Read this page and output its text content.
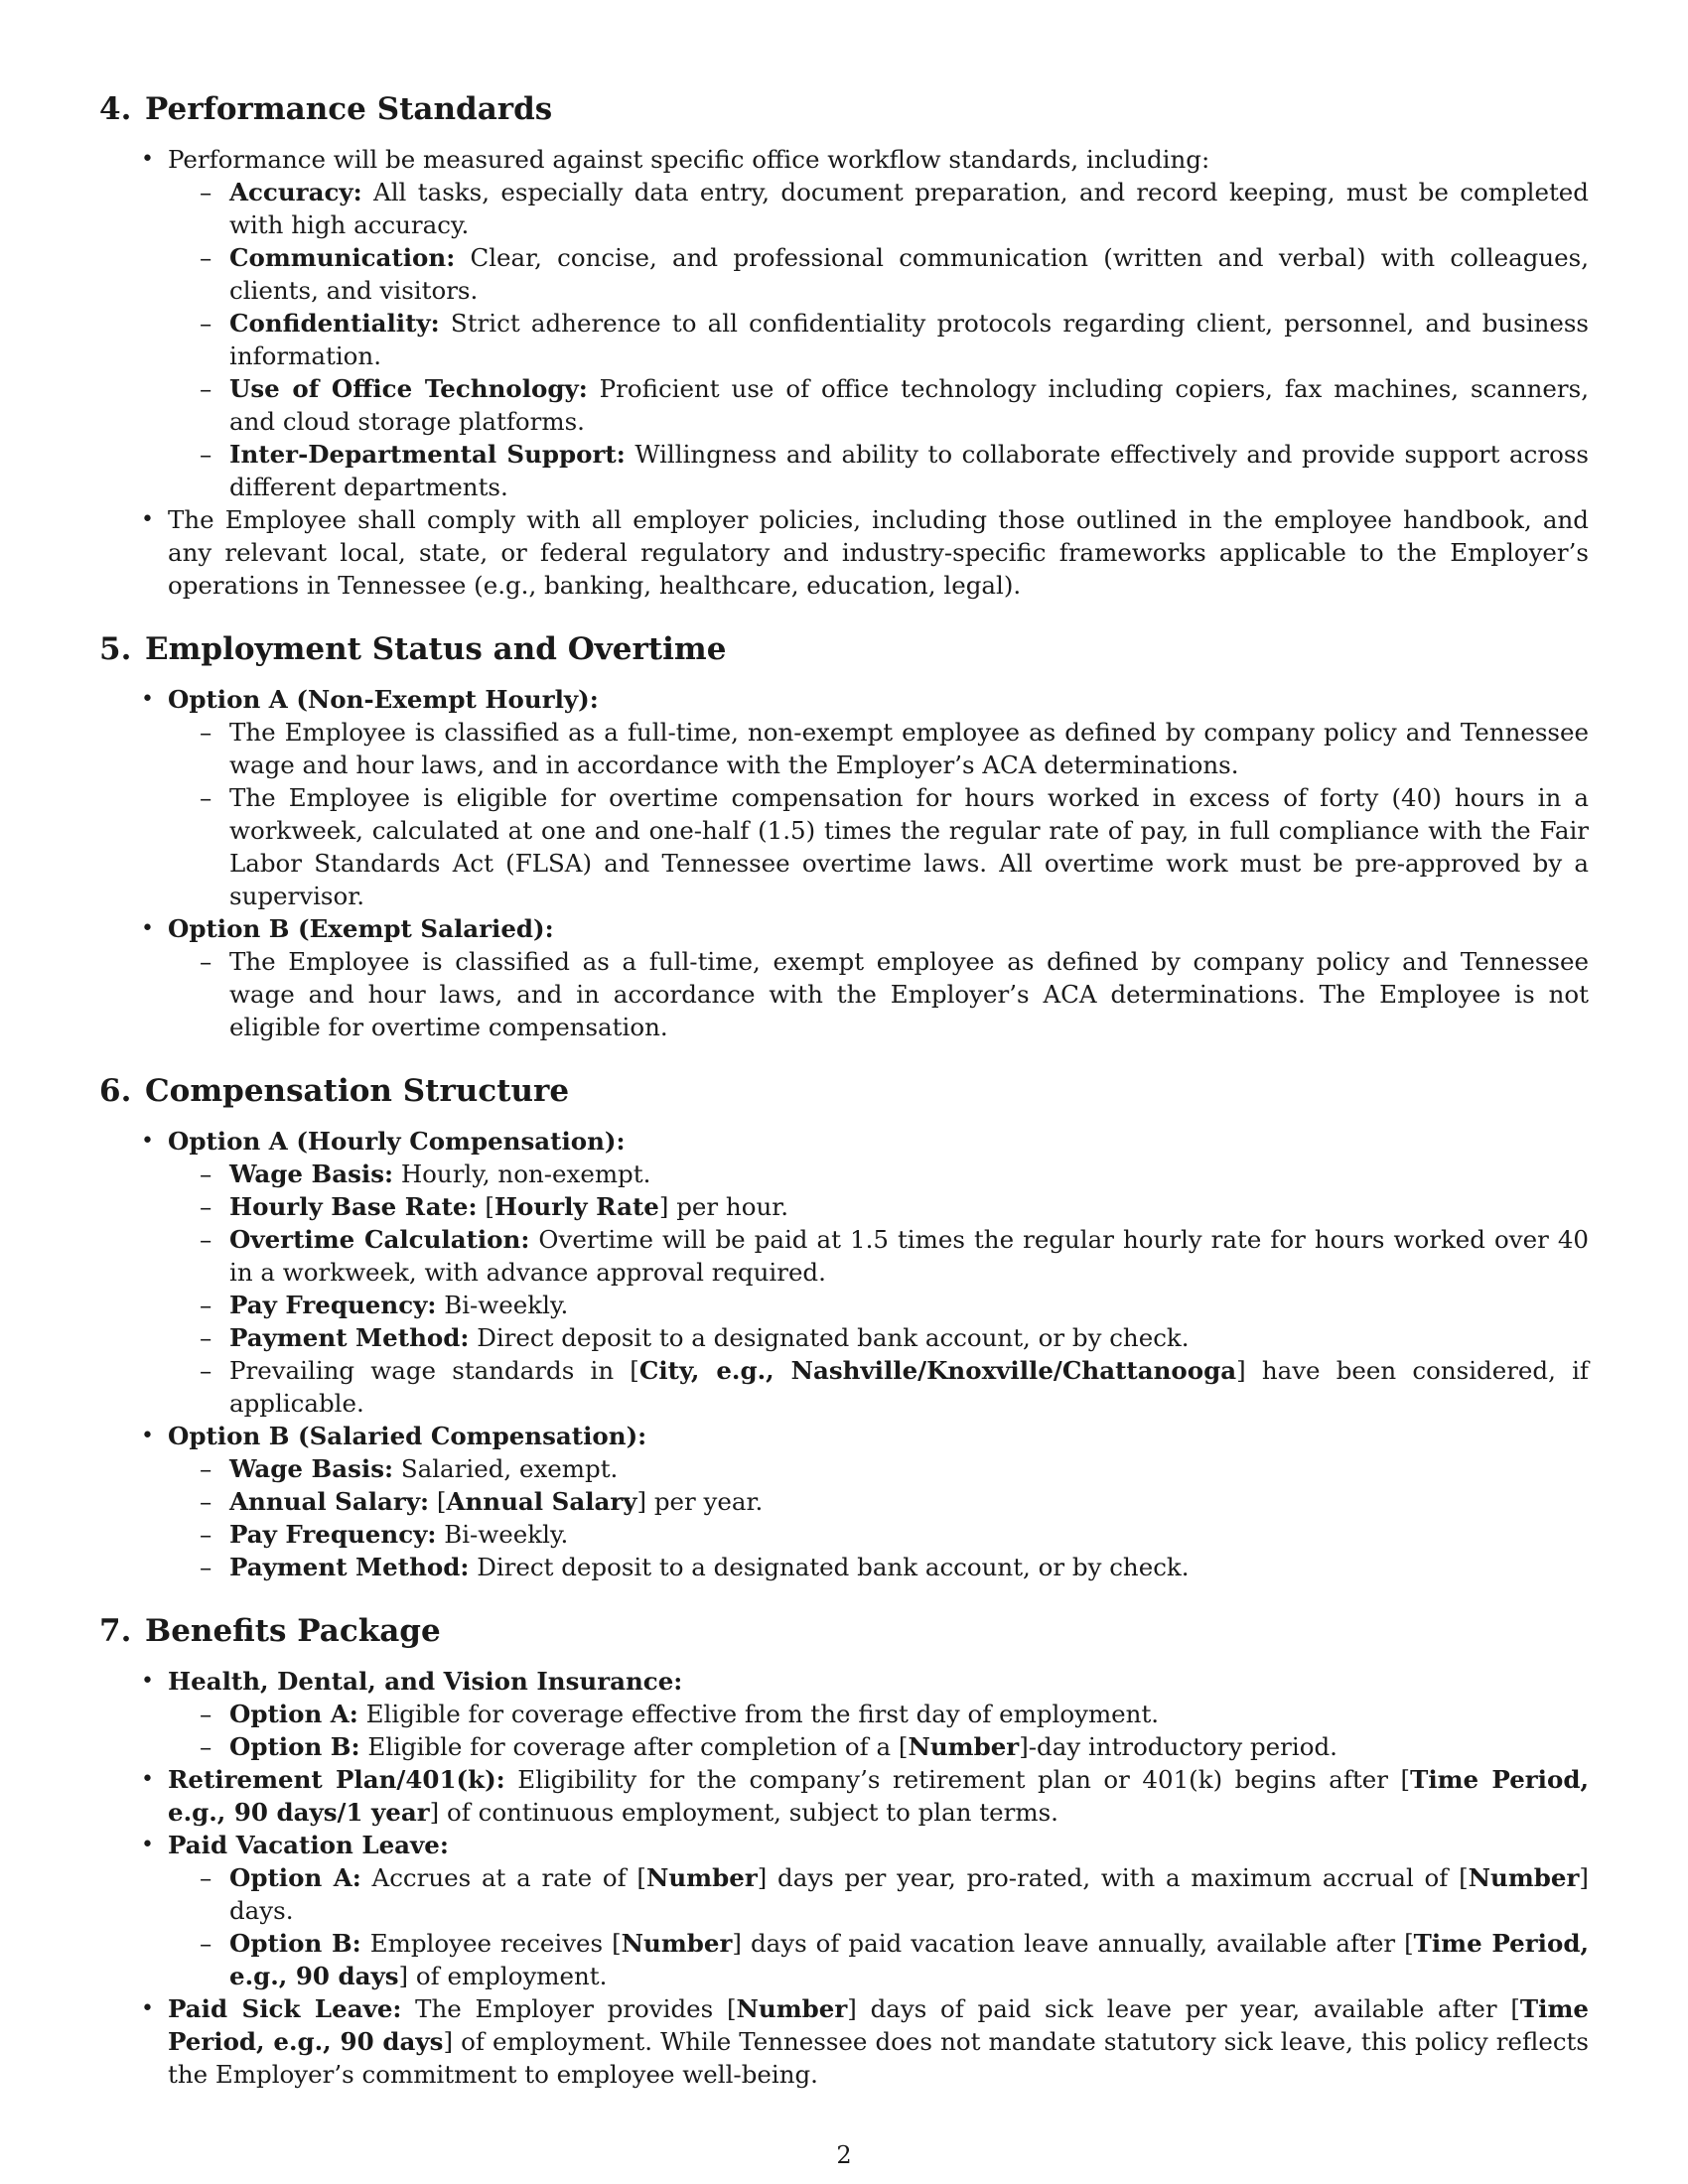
4. Performance Standards
• Performance will be measured against specific office workflow standards, including:
– Accuracy: All tasks, especially data entry, document preparation, and record keeping, must be completed with high accuracy.
– Communication: Clear, concise, and professional communication (written and verbal) with colleagues, clients, and visitors.
– Confidentiality: Strict adherence to all confidentiality protocols regarding client, personnel, and business information.
– Use of Office Technology: Proficient use of office technology including copiers, fax machines, scanners, and cloud storage platforms.
– Inter-Departmental Support: Willingness and ability to collaborate effectively and provide support across different departments.
• The Employee shall comply with all employer policies, including those outlined in the employee handbook, and any relevant local, state, or federal regulatory and industry-specific frameworks applicable to the Employer’s operations in Tennessee (e.g., banking, healthcare, education, legal).
5. Employment Status and Overtime
• Option A (Non-Exempt Hourly):
– The Employee is classified as a full-time, non-exempt employee as defined by company policy and Tennessee wage and hour laws, and in accordance with the Employer’s ACA determinations.
– The Employee is eligible for overtime compensation for hours worked in excess of forty (40) hours in a workweek, calculated at one and one-half (1.5) times the regular rate of pay, in full compliance with the Fair Labor Standards Act (FLSA) and Tennessee overtime laws. All overtime work must be pre-approved by a supervisor.
• Option B (Exempt Salaried):
– The Employee is classified as a full-time, exempt employee as defined by company policy and Tennessee wage and hour laws, and in accordance with the Employer’s ACA determinations. The Employee is not eligible for overtime compensation.
6. Compensation Structure
• Option A (Hourly Compensation):
– Wage Basis: Hourly, non-exempt.
– Hourly Base Rate: [Hourly Rate] per hour.
– Overtime Calculation: Overtime will be paid at 1.5 times the regular hourly rate for hours worked over 40 in a workweek, with advance approval required.
– Pay Frequency: Bi-weekly.
– Payment Method: Direct deposit to a designated bank account, or by check.
– Prevailing wage standards in [City, e.g., Nashville/Knoxville/Chattanooga] have been considered, if applicable.
• Option B (Salaried Compensation):
– Wage Basis: Salaried, exempt.
– Annual Salary: [Annual Salary] per year.
– Pay Frequency: Bi-weekly.
– Payment Method: Direct deposit to a designated bank account, or by check.
7. Benefits Package
• Health, Dental, and Vision Insurance:
– Option A: Eligible for coverage effective from the first day of employment.
– Option B: Eligible for coverage after completion of a [Number]-day introductory period.
• Retirement Plan/401(k): Eligibility for the company’s retirement plan or 401(k) begins after [Time Period, e.g., 90 days/1 year] of continuous employment, subject to plan terms.
• Paid Vacation Leave:
– Option A: Accrues at a rate of [Number] days per year, pro-rated, with a maximum accrual of [Number] days.
– Option B: Employee receives [Number] days of paid vacation leave annually, available after [Time Period, e.g., 90 days] of employment.
• Paid Sick Leave: The Employer provides [Number] days of paid sick leave per year, available after [Time Period, e.g., 90 days] of employment. While Tennessee does not mandate statutory sick leave, this policy reflects the Employer’s commitment to employee well-being.
2
